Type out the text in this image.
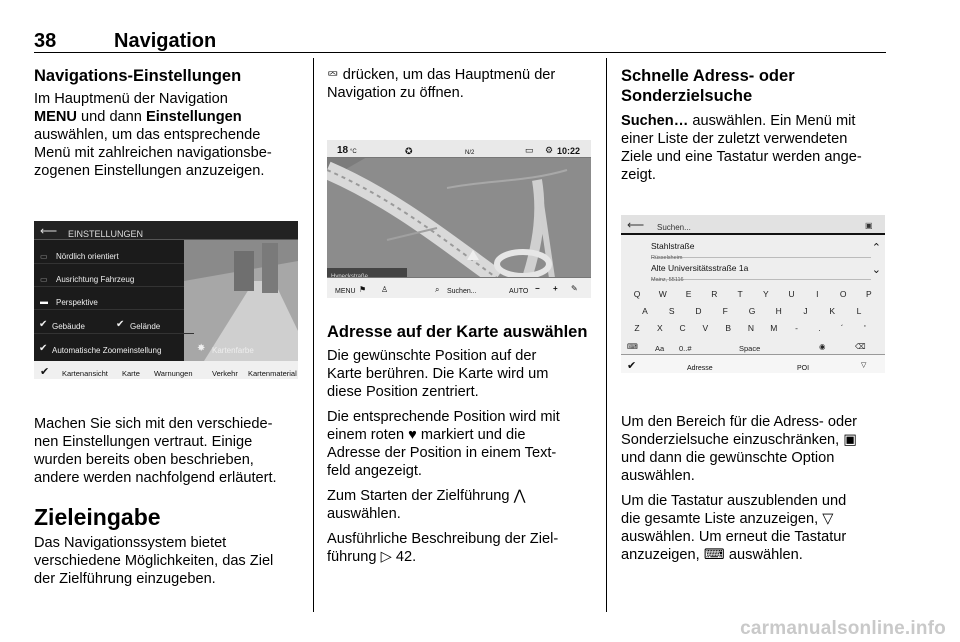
38	Navigation
Navigations-Einstellungen

Im Hauptmenü der Navigation
MENU und dann Einstellungen
auswählen, um das entsprechende
Menü mit zahlreichen navigationsbe‐
zogenen Einstellungen anzuzeigen.

⟵ EINSTELLUNGEN
▭ Nördlich orientiert
▭ Ausrichtung Fahrzeug
▬ Perspektive
✔ Gebäude	✔ Gelände
✔ Automatische Zoomeinstellung	✸ Kartenfarbe
✔ Kartenansicht Karte Warnungen	Verkehr Kartenmaterial

Machen Sie sich mit den verschiede‐
nen Einstellungen vertraut. Einige
wurden bereits oben beschrieben,
andere werden nachfolgend erläutert.

Zieleingabe

Das Navigationssystem bietet
verschiedene Möglichkeiten, das Ziel
der Zielführung einzugeben.

⮹ drücken, um das Hauptmenü der
Navigation zu öffnen.

18 °C	✪	N/2	▭ ⚙ 10:22
MENU ⚑ ♙	⌕ Suchen...	AUTO − + ✎
Adresse auf der Karte auswählen

Die gewünschte Position auf der
Karte berühren. Die Karte wird um
diese Position zentriert.

Die entsprechende Position wird mit
einem roten ♥ markiert und die
Adresse der Position in einem Text‐
feld angezeigt.

Zum Starten der Zielführung ⋀
auswählen.

Ausführliche Beschreibung der Ziel‐
führung ▷ 42.

Schnelle Adress- oder
Sonderzielsuche

Suchen… auswählen. Ein Menü mit
einer Liste der zuletzt verwendeten
Ziele und eine Tastatur werden ange‐
zeigt.

⟵ Suchen...	▣
Stahlstraße
Rüsselsheim
⌃
Alte Universitätsstraße 1a
Mainz, 55116
⌄
Q	W	E	R	T	Y	U	I	O	P
A	S	D	F	G	H	J	K	L
Z	X	C	V	B	N	M	-	.	´	'
⌨ Aa 0..#	Space	◉	⌫
✔	Adresse	POI	▽

Um den Bereich für die Adress- oder
Sonderzielsuche einzuschränken, ▣
und dann die gewünschte Option
auswählen.

Um die Tastatur auszublenden und
die gesamte Liste anzuzeigen, ▽
auswählen. Um erneut die Tastatur
anzuzeigen, ⌨ auswählen.

carmanualsonline.info
